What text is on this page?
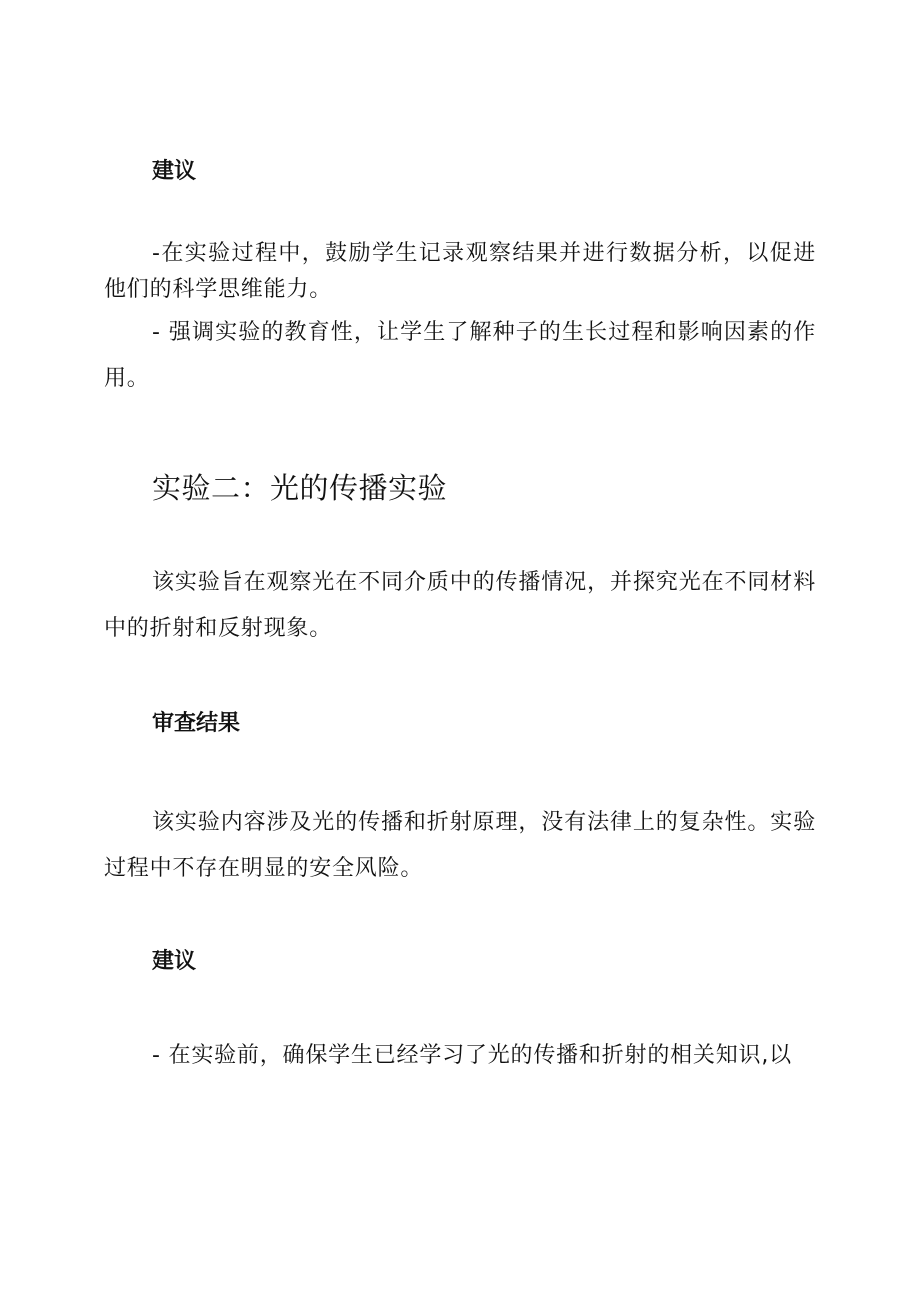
建议

-在实验过程中，鼓励学生记录观察结果并进行数据分析，以促进他们的科学思维能力。

- 强调实验的教育性，让学生了解种子的生长过程和影响因素的作用。

实验二：光的传播实验

该实验旨在观察光在不同介质中的传播情况，并探究光在不同材料中的折射和反射现象。

审查结果

该实验内容涉及光的传播和折射原理，没有法律上的复杂性。实验过程中不存在明显的安全风险。

建议

- 在实验前，确保学生已经学习了光的传播和折射的相关知识,以
